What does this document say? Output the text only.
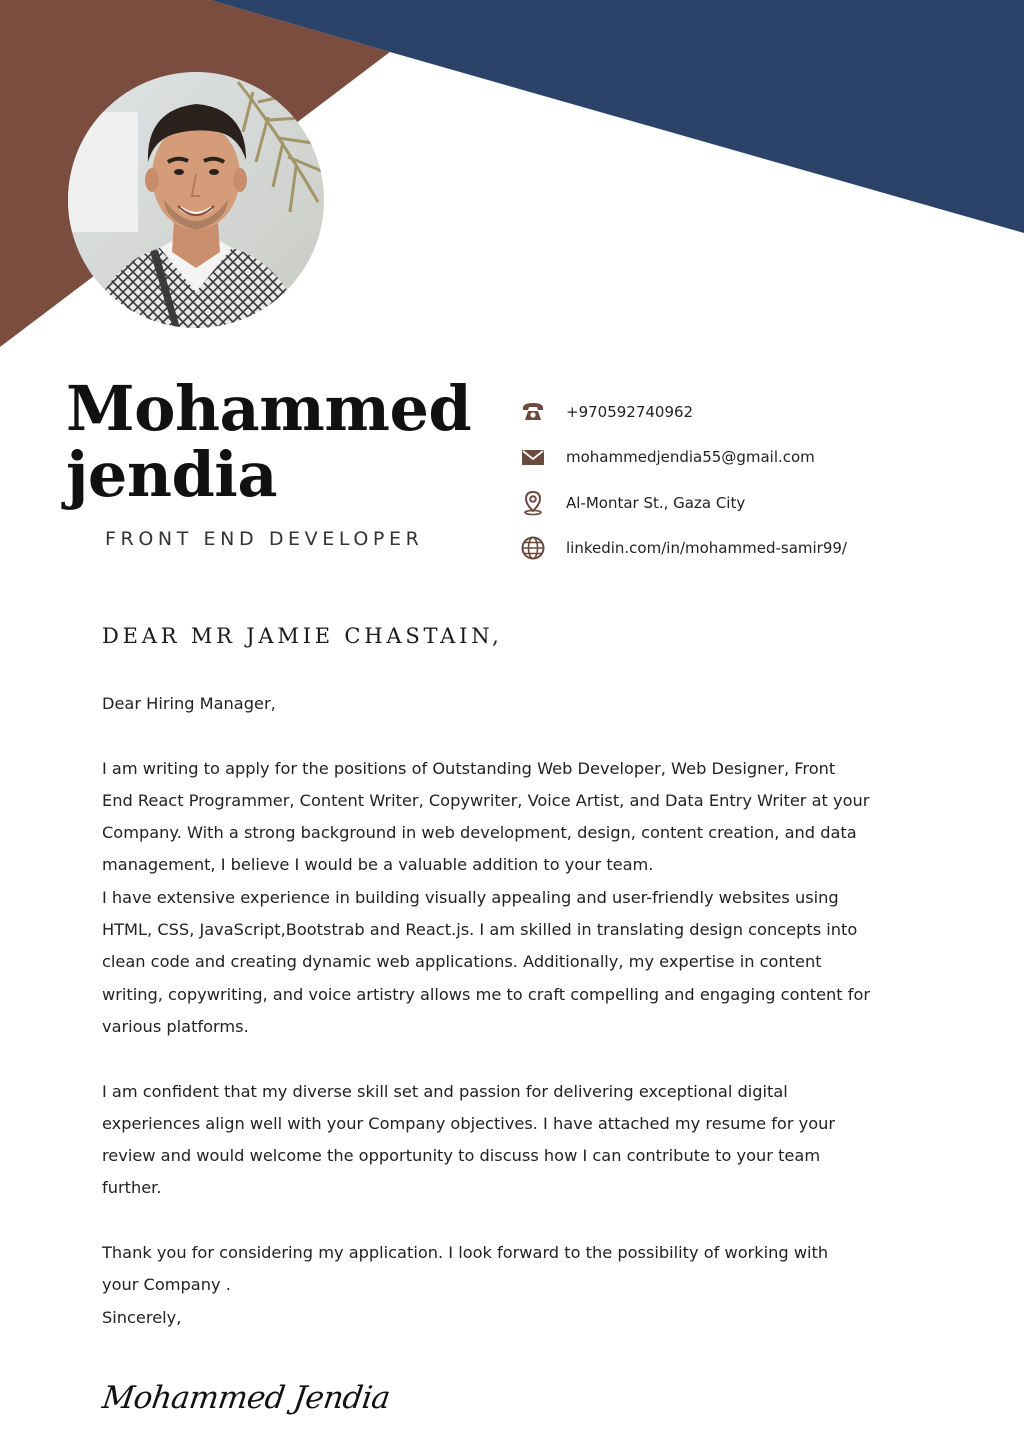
Mohammed
jendia
FRONT END DEVELOPER
+970592740962
mohammedjendia55@gmail.com
Al-Montar St., Gaza City
linkedin.com/in/mohammed-samir99/
DEAR MR JAMIE CHASTAIN,

Dear Hiring Manager,

I am writing to apply for the positions of Outstanding Web Developer, Web Designer, Front
End React Programmer, Content Writer, Copywriter, Voice Artist, and Data Entry Writer at your
Company. With a strong background in web development, design, content creation, and data
management, I believe I would be a valuable addition to your team.

I have extensive experience in building visually appealing and user-friendly websites using
HTML, CSS, JavaScript,Bootstrab and React.js. I am skilled in translating design concepts into
clean code and creating dynamic web applications. Additionally, my expertise in content
writing, copywriting, and voice artistry allows me to craft compelling and engaging content for
various platforms.

I am confident that my diverse skill set and passion for delivering exceptional digital
experiences align well with your Company objectives. I have attached my resume for your
review and would welcome the opportunity to discuss how I can contribute to your team
further.

Thank you for considering my application. I look forward to the possibility of working with
your Company .

Sincerely,

Mohammed Jendia
